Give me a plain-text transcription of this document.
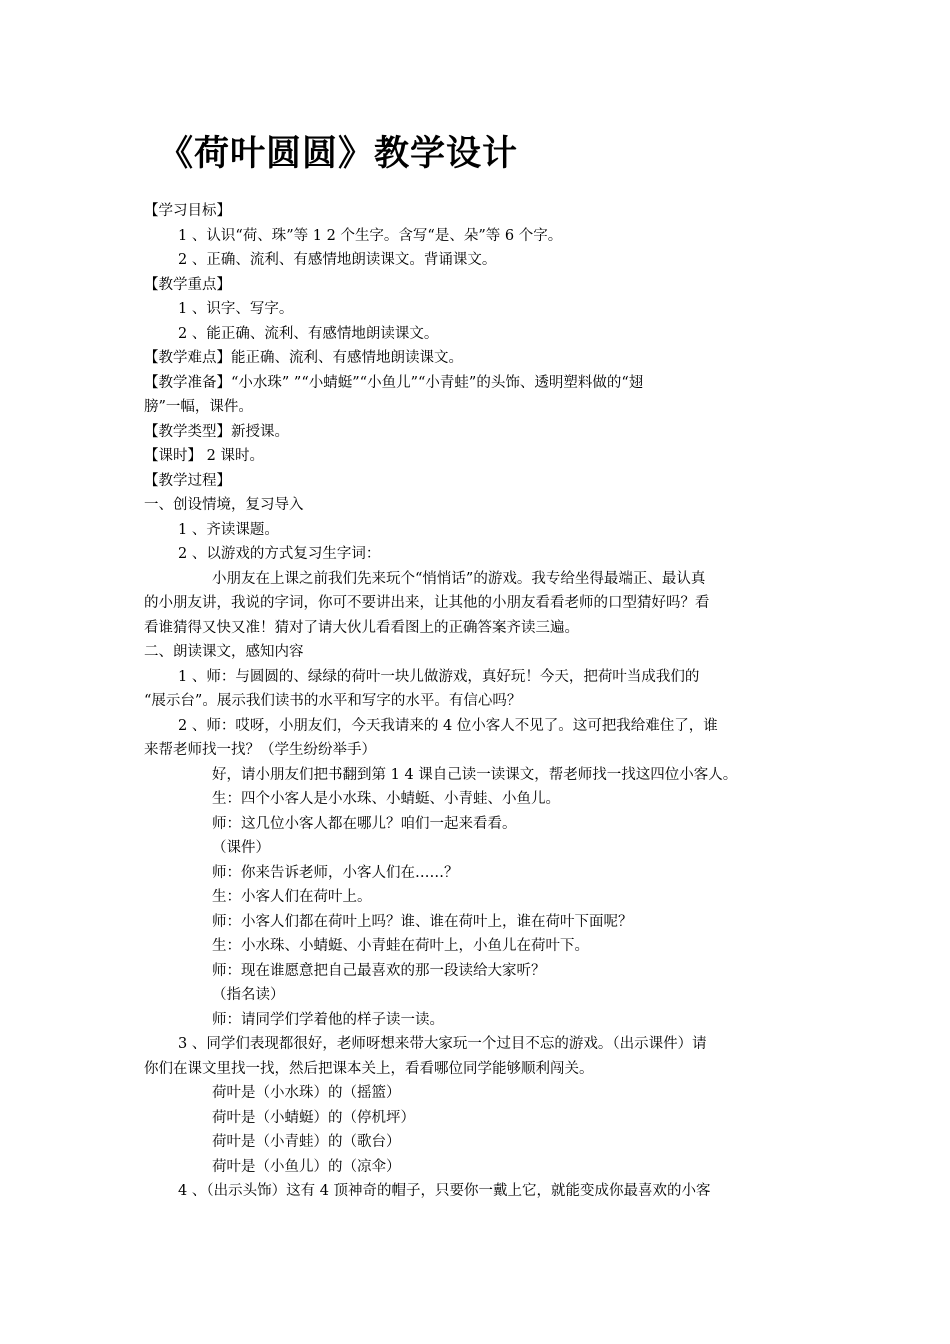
《荷叶圆圆》教学设计
【学习目标】
1 、认识“荷、珠”等 1 2 个生字。含写“是、朵”等 6 个字。
2 、正确、流利、有感情地朗读课文。背诵课文。
【教学重点】
1 、识字、写字。
2 、能正确、流利、有感情地朗读课文。
【教学难点】能正确、流利、有感情地朗读课文。
【教学准备】“小水珠” ”“小蜻蜓”“小鱼儿”“小青蛙”的头饰、透明塑料做的“翅
膀”一幅，课件。
【教学类型】新授课。
【课时】 2 课时。
【教学过程】
一、创设情境，复习导入
1 、齐读课题。
2 、以游戏的方式复习生字词：
小朋友在上课之前我们先来玩个“悄悄话”的游戏。我专给坐得最端正、最认真
的小朋友讲，我说的字词，你可不要讲出来，让其他的小朋友看看老师的口型猜好吗？看
看谁猜得又快又准！猜对了请大伙儿看看图上的正确答案齐读三遍。
二、朗读课文，感知内容
1 、师：与圆圆的、绿绿的荷叶一块儿做游戏，真好玩！今天，把荷叶当成我们的
“展示台”。展示我们读书的水平和写字的水平。有信心吗？
2 、师：哎呀，小朋友们，今天我请来的 4 位小客人不见了。这可把我给难住了，谁
来帮老师找一找？（学生纷纷举手）
好，请小朋友们把书翻到第 1 4 课自己读一读课文，帮老师找一找这四位小客人。
生：四个小客人是小水珠、小蜻蜓、小青蛙、小鱼儿。
师：这几位小客人都在哪儿？咱们一起来看看。
（课件）
师：你来告诉老师，小客人们在……？
生：小客人们在荷叶上。
师：小客人们都在荷叶上吗？谁、谁在荷叶上，谁在荷叶下面呢？
生：小水珠、小蜻蜓、小青蛙在荷叶上，小鱼儿在荷叶下。
师：现在谁愿意把自己最喜欢的那一段读给大家听？
（指名读）
师：请同学们学着他的样子读一读。
3 、同学们表现都很好，老师呀想来带大家玩一个过目不忘的游戏。（出示课件）请
你们在课文里找一找，然后把课本关上，看看哪位同学能够顺利闯关。
荷叶是（小水珠）的（摇篮）
荷叶是（小蜻蜓）的（停机坪）
荷叶是（小青蛙）的（歌台）
荷叶是（小鱼儿）的（凉伞）
4 、（出示头饰）这有 4 顶神奇的帽子，只要你一戴上它，就能变成你最喜欢的小客
